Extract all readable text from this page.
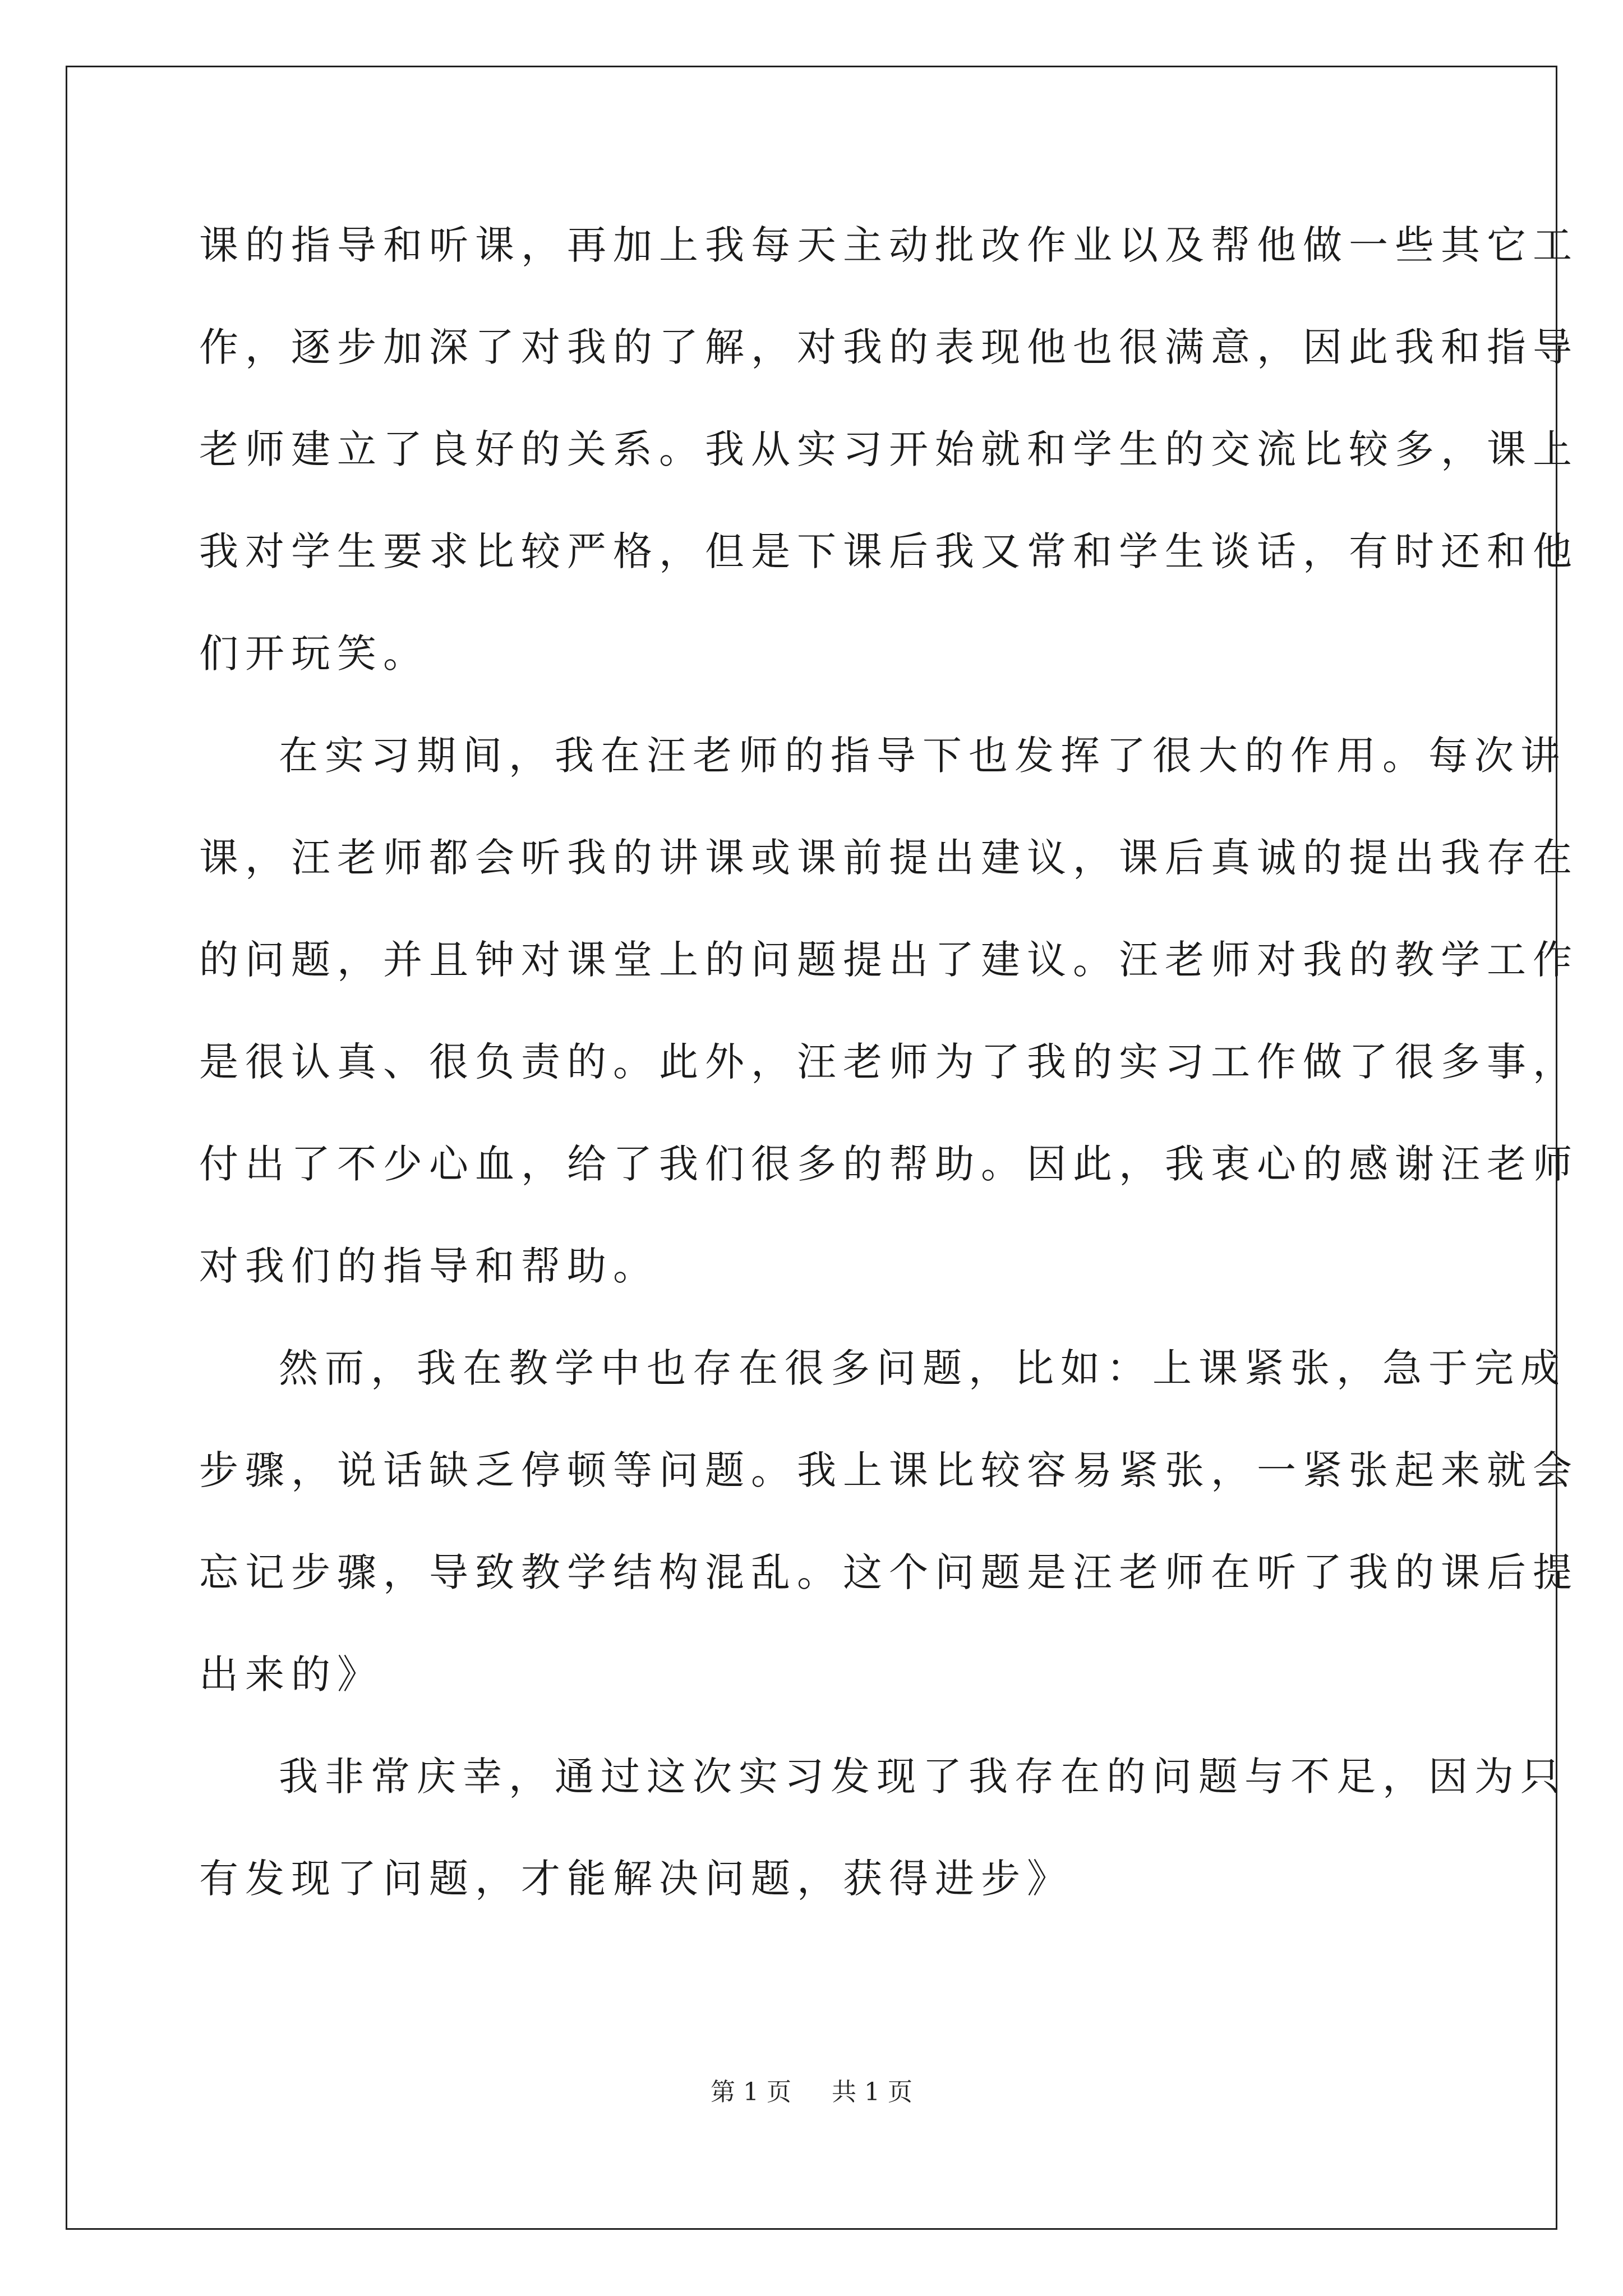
课的指导和听课，再加上我每天主动批改作业以及帮他做一些其它工
作，逐步加深了对我的了解，对我的表现他也很满意，因此我和指导
老师建立了良好的关系。我从实习开始就和学生的交流比较多，课上
我对学生要求比较严格，但是下课后我又常和学生谈话，有时还和他
们开玩笑。
在实习期间，我在汪老师的指导下也发挥了很大的作用。每次讲
课，汪老师都会听我的讲课或课前提出建议，课后真诚的提出我存在
的问题，并且钟对课堂上的问题提出了建议。汪老师对我的教学工作
是很认真、很负责的。此外，汪老师为了我的实习工作做了很多事，
付出了不少心血，给了我们很多的帮助。因此，我衷心的感谢汪老师
对我们的指导和帮助。
然而，我在教学中也存在很多问题，比如：上课紧张，急于完成
步骤，说话缺乏停顿等问题。我上课比较容易紧张，一紧张起来就会
忘记步骤，导致教学结构混乱。这个问题是汪老师在听了我的课后提
出来的》
我非常庆幸，通过这次实习发现了我存在的问题与不足，因为只
有发现了问题，才能解决问题，获得进步》
第 1 页 共 1 页
